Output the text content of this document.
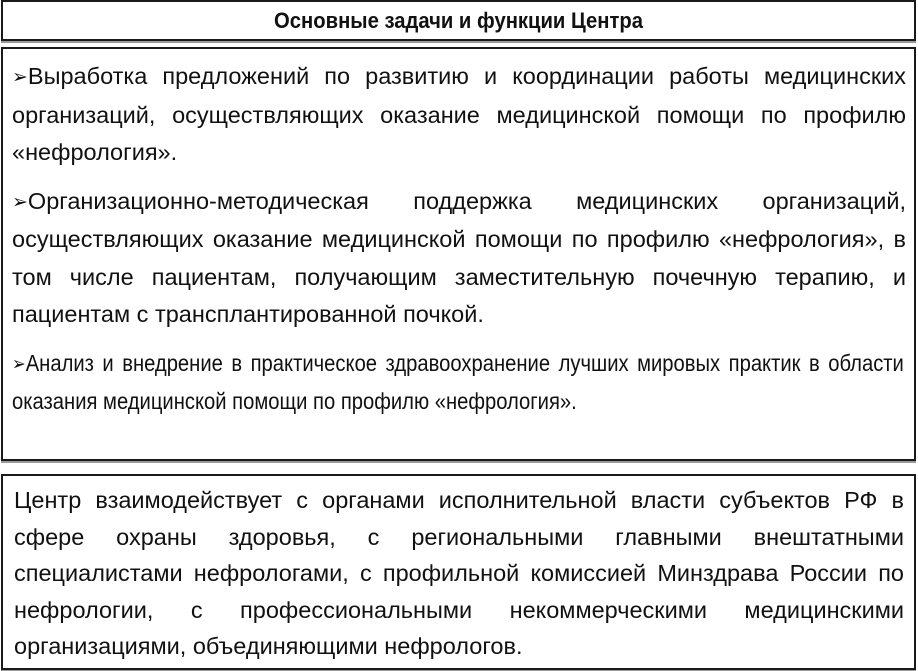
Основные задачи и функции Центра

➢Выработка предложений по развитию и координации работы медицинских организаций, осуществляющих оказание медицинской помощи по профилю «нефрология».

➢Организационно-методическая поддержка медицинских организаций, осуществляющих оказание медицинской помощи по профилю «нефрология», в том числе пациентам, получающим заместительную почечную терапию, и пациентам с трансплантированной почкой.

➢Анализ и внедрение в практическое здравоохранение лучших мировых практик в области оказания медицинской помощи по профилю «нефрология».

Центр взаимодействует с органами исполнительной власти субъектов РФ в сфере охраны здоровья, с региональными главными внештатными специалистами нефрологами, с профильной комиссией Минздрава России по нефрологии, с профессиональными некоммерческими медицинскими организациями, объединяющими нефрологов.
